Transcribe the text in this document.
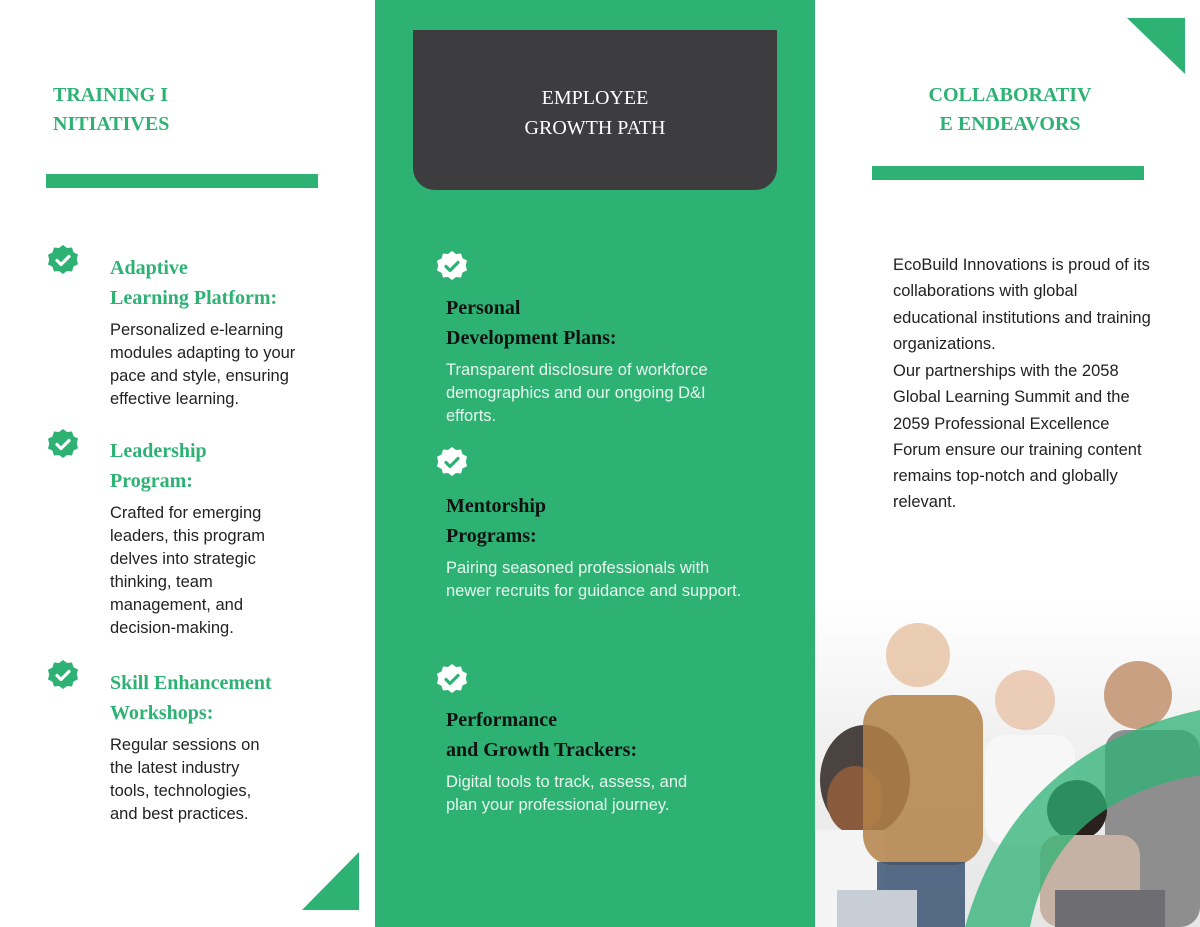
TRAINING INITIATIVES
Adaptive
Learning Platform:
Personalized e-learning modules adapting to your pace and style, ensuring effective learning.
Leadership
Program:
Crafted for emerging leaders, this program delves into strategic thinking, team management, and decision-making.
Skill Enhancement
Workshops:
Regular sessions on the latest industry tools, technologies, and best practices.
EMPLOYEE GROWTH PATH
Personal
Development Plans:
Transparent disclosure of workforce demographics and our ongoing D&I efforts.
Mentorship
Programs:
Pairing seasoned professionals with newer recruits for guidance and support.
Performance
and Growth Trackers:
Digital tools to track, assess, and plan your professional journey.
COLLABORATIVE ENDEAVORS
EcoBuild Innovations is proud of its collaborations with global educational institutions and training organizations.
Our partnerships with the 2058 Global Learning Summit and the 2059 Professional Excellence Forum ensure our training content remains top-notch and globally relevant.
